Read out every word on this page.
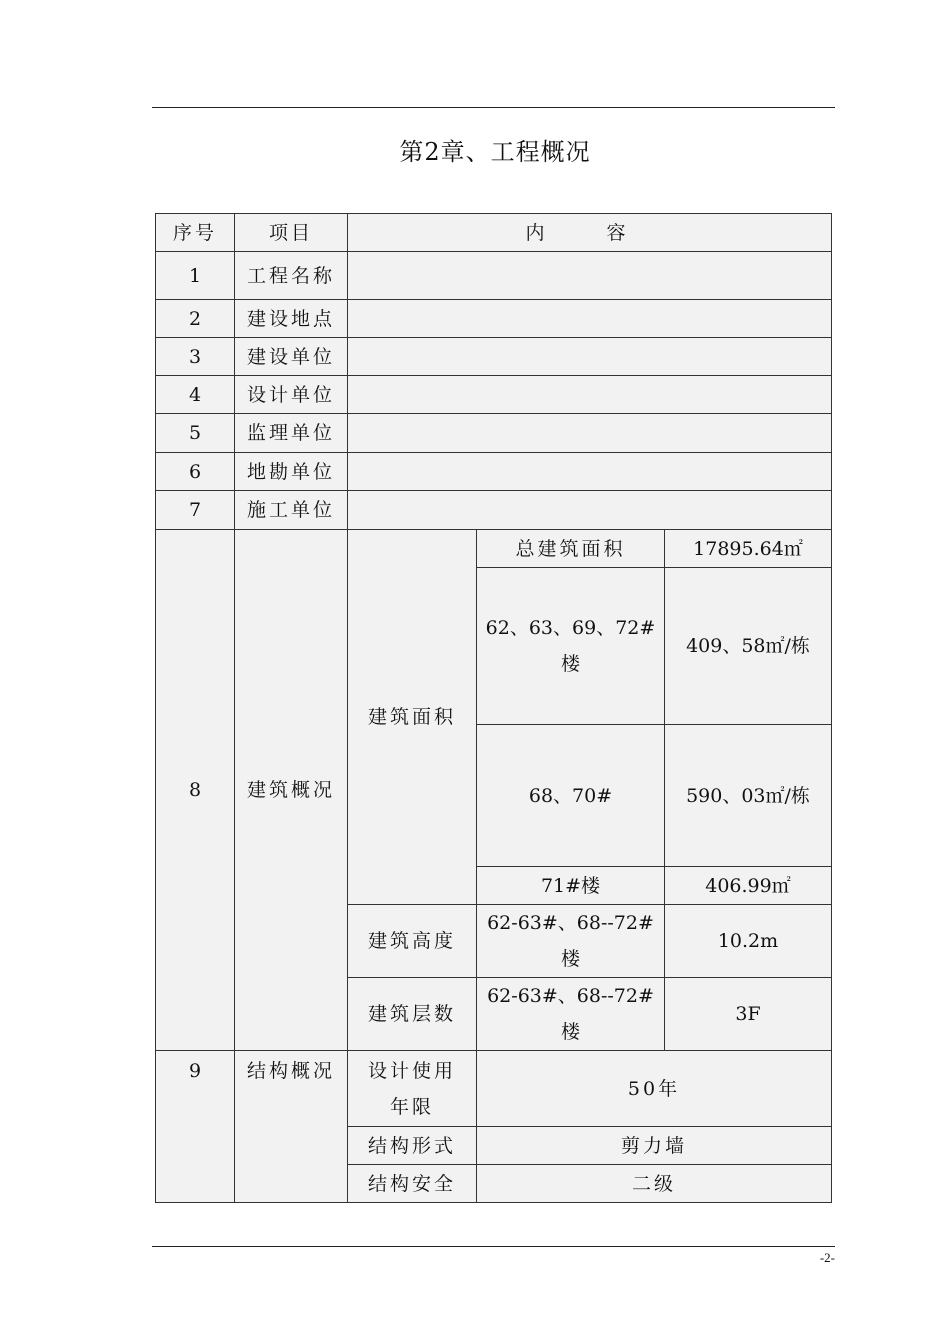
第2章、工程概况
序号	项目	内 容		
1	工程名称			
2	建设地点			
3	建设单位			
4	设计单位			
5	监理单位			
6	地勘单位			
7	施工单位			
8	建筑概况	建筑面积	总建筑面积	17895.64㎡
			62、63、69、72#楼	409、58㎡/栋
			68、70#	590、03㎡/栋
			71#楼	406.99㎡
		建筑高度	62-63#、68--72#楼	10.2m
		建筑层数	62-63#、68--72#楼	3F
9	结构概况	设计使用年限	50年	
		结构形式	剪力墙	
		结构安全	二级	
-2-
